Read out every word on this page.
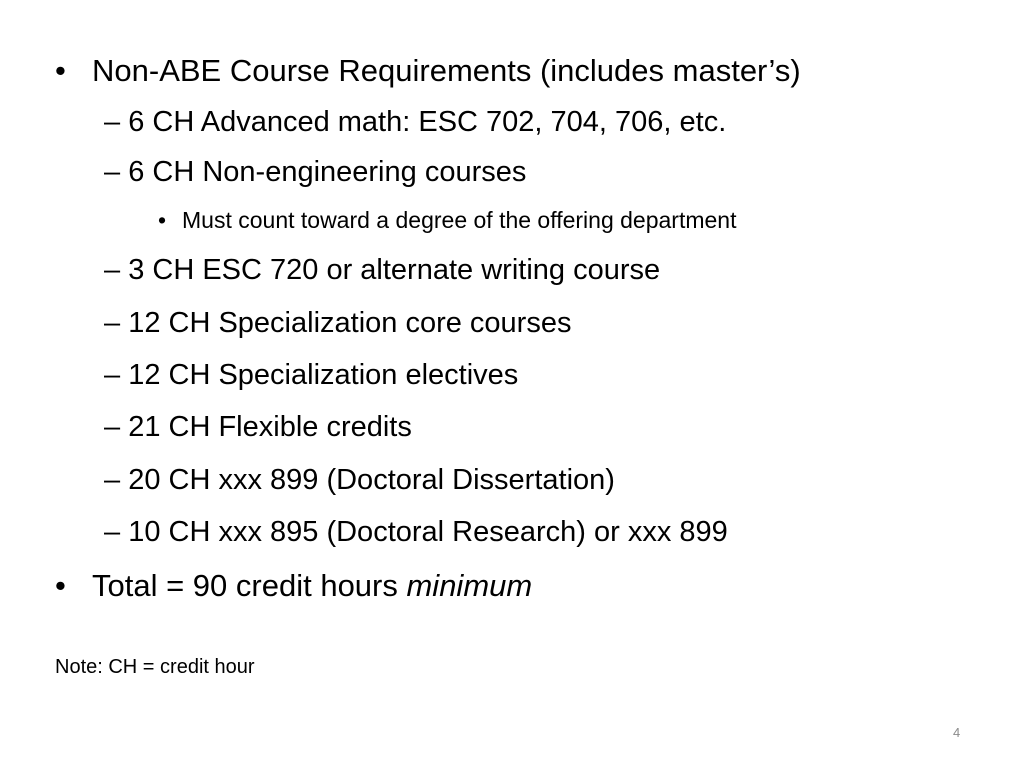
• Non-ABE Course Requirements (includes master’s)
– 6 CH Advanced math: ESC 702, 704, 706, etc.
– 6 CH Non-engineering courses
• Must count toward a degree of the offering department
– 3 CH ESC 720 or alternate writing course
– 12 CH Specialization core courses
– 12 CH Specialization electives
– 21 CH Flexible credits
– 20 CH xxx 899 (Doctoral Dissertation)
– 10 CH xxx 895 (Doctoral Research) or xxx 899
• Total = 90 credit hours minimum
Note: CH = credit hour
4
